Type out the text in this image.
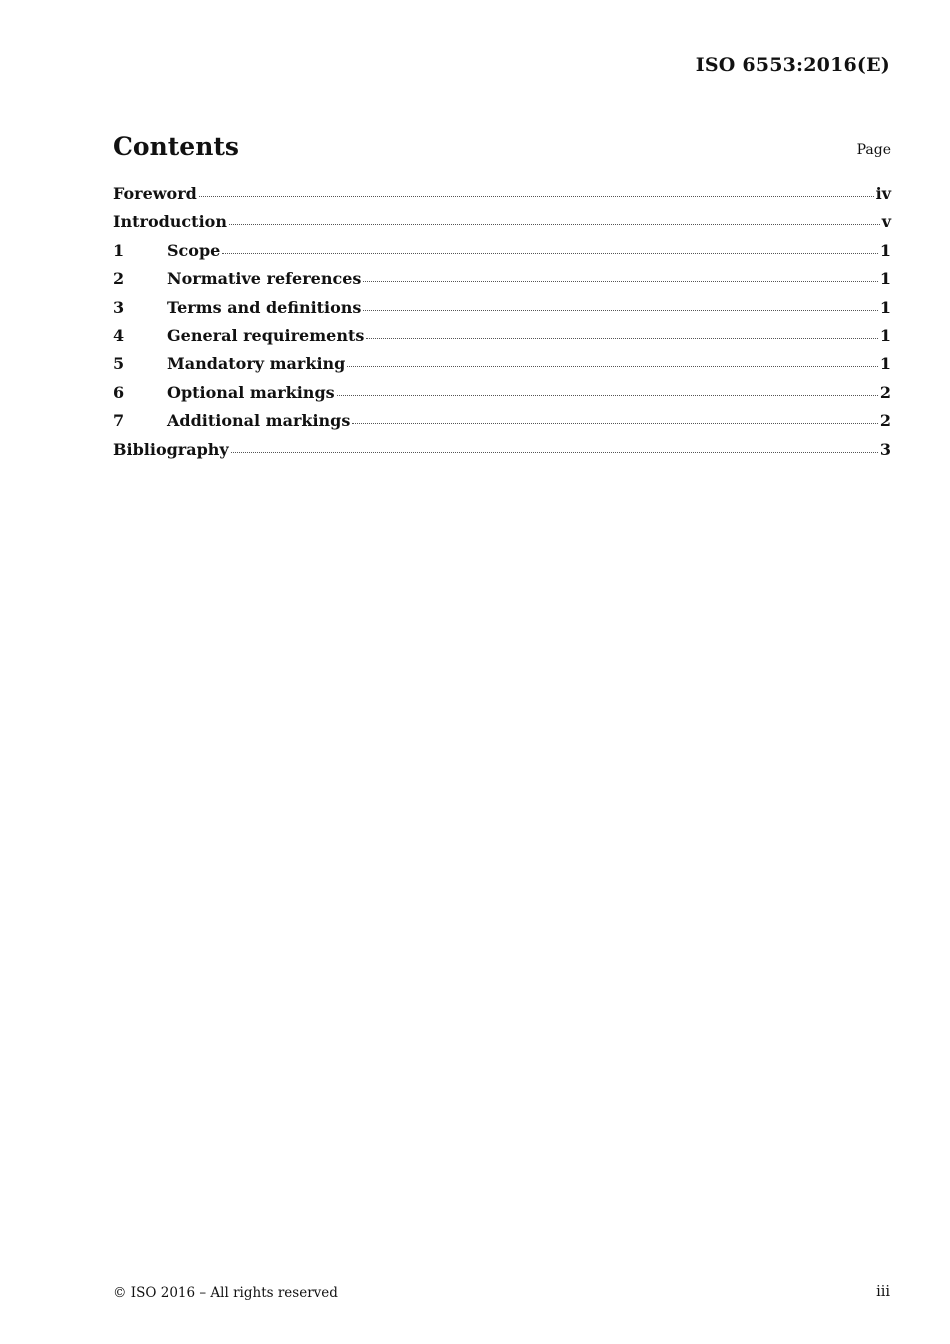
ISO 6553:2016(E)
Contents	Page
Foreword	iv
Introduction	v
1	Scope	1
2	Normative references	1
3	Terms and definitions	1
4	General requirements	1
5	Mandatory marking	1
6	Optional markings	2
7	Additional markings	2
Bibliography	3
© ISO 2016 – All rights reserved	iii
